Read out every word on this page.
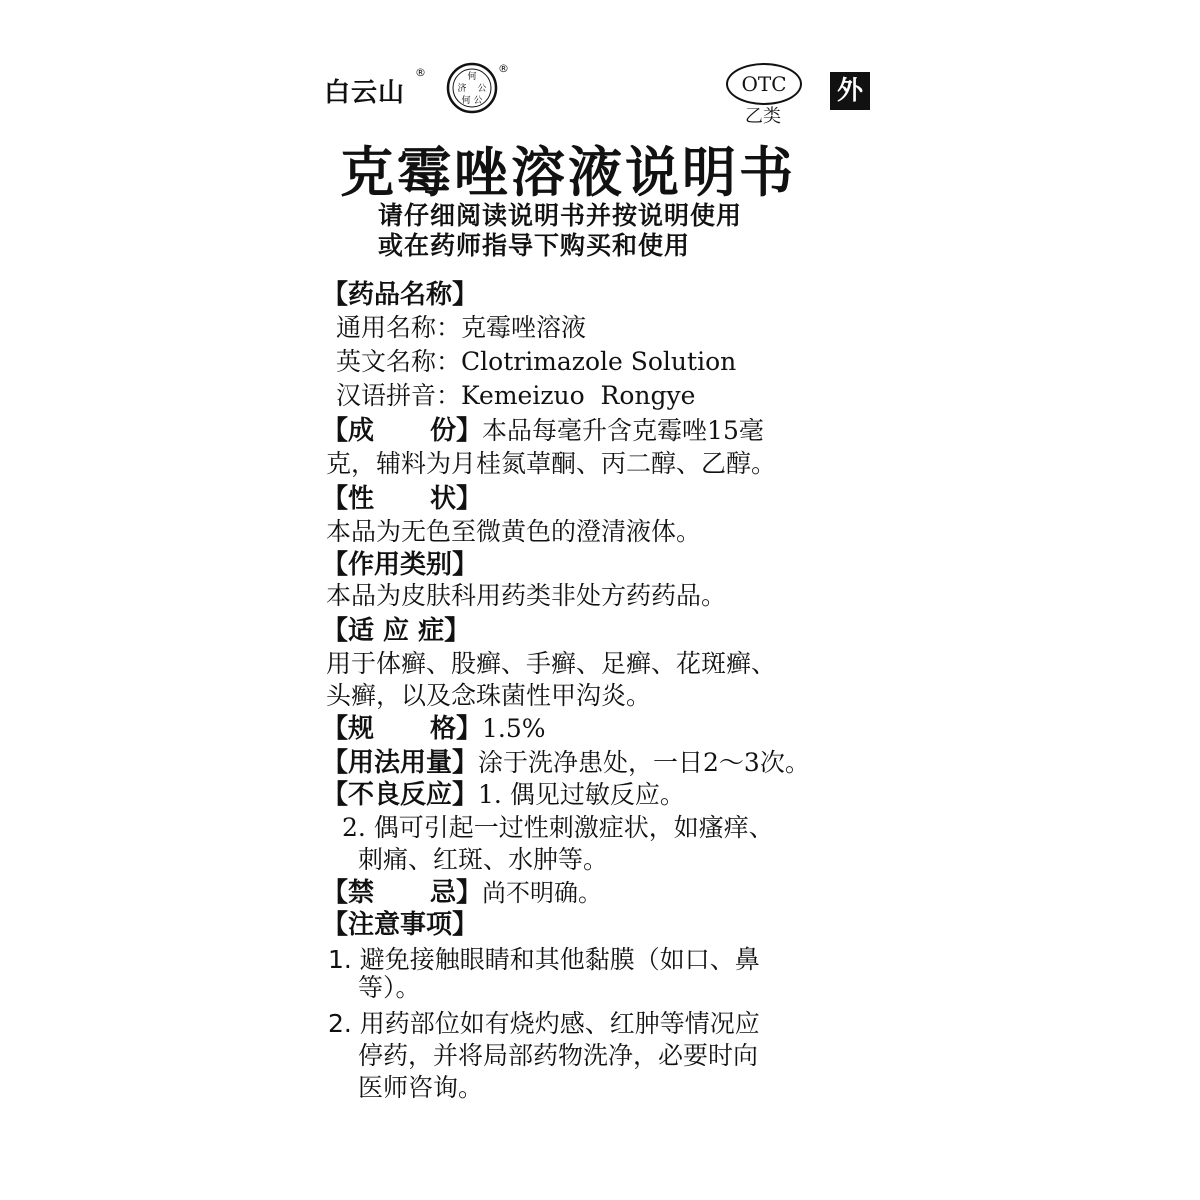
白云山
®	何
济 公
何 公
®
OTC
乙类
外
克霉唑溶液说明书
请仔细阅读说明书并按说明使用
或在药师指导下购买和使用
【药品名称】
通用名称：克霉唑溶液
英文名称：Clotrimazole Solution
汉语拼音：Kemeizuo  Rongye
【成 份】本品每毫升含克霉唑15毫
克，辅料为月桂氮䓬酮、丙二醇、乙醇。
【性 状】
本品为无色至微黄色的澄清液体。
【作用类别】
本品为皮肤科用药类非处方药药品。
【适 应 症】
用于体癣、股癣、手癣、足癣、花斑癣、
头癣，以及念珠菌性甲沟炎。
【规 格】1.5%
【用法用量】涂于洗净患处，一日2～3次。
【不良反应】1. 偶见过敏反应。
2. 偶可引起一过性刺激症状，如瘙痒、
刺痛、红斑、水肿等。
【禁 忌】尚不明确。
【注意事项】
1. 避免接触眼睛和其他黏膜（如口、鼻
等）。
2. 用药部位如有烧灼感、红肿等情况应
停药，并将局部药物洗净，必要时向
医师咨询。
